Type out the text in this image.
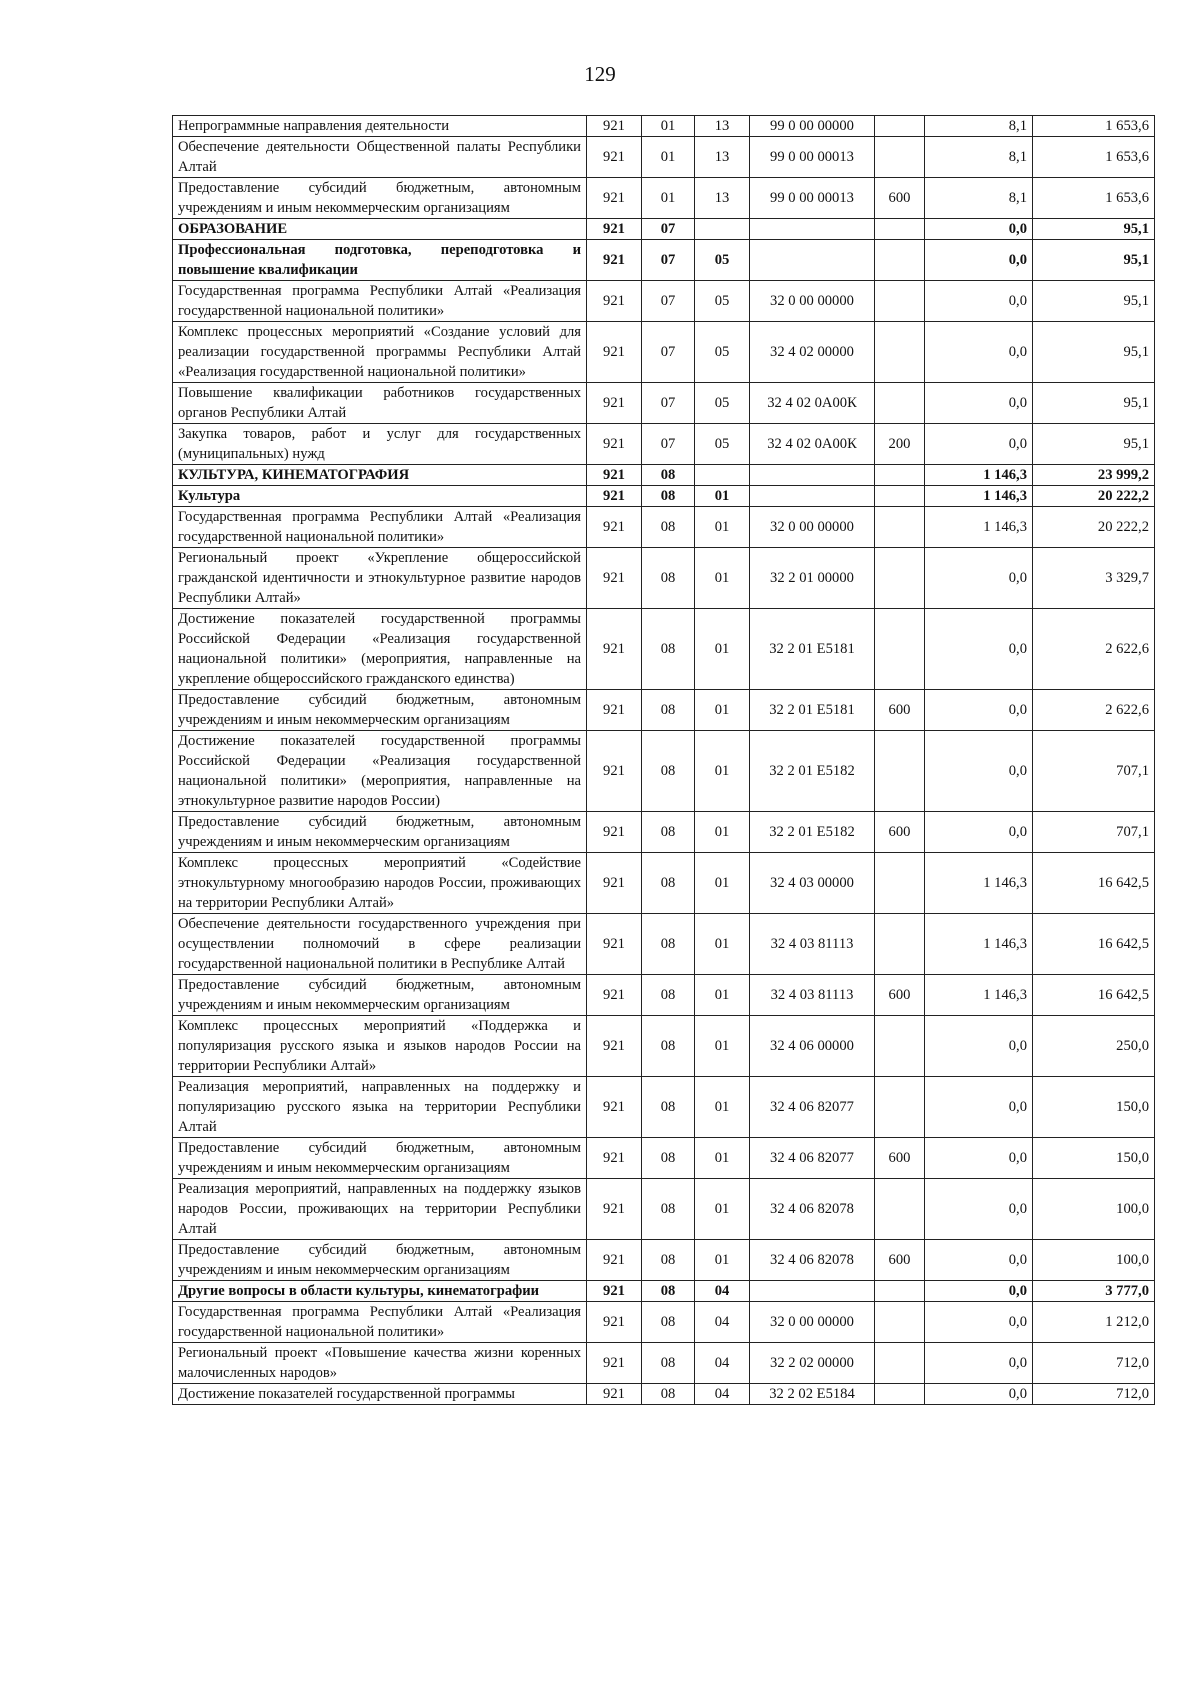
129
Непрограммные направления деятельности	921	01	13	99 0 00 00000		8,1	1 653,6
Обеспечение деятельности Общественной палаты Республики Алтай	921	01	13	99 0 00 00013		8,1	1 653,6
Предоставление субсидий бюджетным, автономным учреждениям и иным некоммерческим организациям	921	01	13	99 0 00 00013	600	8,1	1 653,6
ОБРАЗОВАНИЕ	921	07				0,0	95,1
Профессиональная подготовка, переподготовка и повышение квалификации	921	07	05			0,0	95,1
Государственная программа Республики Алтай «Реализация государственной национальной политики»	921	07	05	32 0 00 00000		0,0	95,1
Комплекс процессных мероприятий «Создание условий для реализации государственной программы Республики Алтай «Реализация государственной национальной политики»	921	07	05	32 4 02 00000		0,0	95,1
Повышение квалификации работников государственных органов Республики Алтай	921	07	05	32 4 02 0А00К		0,0	95,1
Закупка товаров, работ и услуг для государственных (муниципальных) нужд	921	07	05	32 4 02 0А00К	200	0,0	95,1
КУЛЬТУРА, КИНЕМАТОГРАФИЯ	921	08				1 146,3	23 999,2
Культура	921	08	01			1 146,3	20 222,2
Государственная программа Республики Алтай «Реализация государственной национальной политики»	921	08	01	32 0 00 00000		1 146,3	20 222,2
Региональный проект «Укрепление общероссийской гражданской идентичности и этнокультурное развитие народов Республики Алтай»	921	08	01	32 2 01 00000		0,0	3 329,7
Достижение показателей государственной программы Российской Федерации «Реализация государственной национальной политики» (мероприятия, направленные на укрепление общероссийского гражданского единства)	921	08	01	32 2 01 Е5181		0,0	2 622,6
Предоставление субсидий бюджетным, автономным учреждениям и иным некоммерческим организациям	921	08	01	32 2 01 Е5181	600	0,0	2 622,6
Достижение показателей государственной программы Российской Федерации «Реализация государственной национальной политики» (мероприятия, направленные на этнокультурное развитие народов России)	921	08	01	32 2 01 Е5182		0,0	707,1
Предоставление субсидий бюджетным, автономным учреждениям и иным некоммерческим организациям	921	08	01	32 2 01 Е5182	600	0,0	707,1
Комплекс процессных мероприятий «Содействие этнокультурному многообразию народов России, проживающих на территории Республики Алтай»	921	08	01	32 4 03 00000		1 146,3	16 642,5
Обеспечение деятельности государственного учреждения при осуществлении полномочий в сфере реализации государственной национальной политики в Республике Алтай	921	08	01	32 4 03 81113		1 146,3	16 642,5
Предоставление субсидий бюджетным, автономным учреждениям и иным некоммерческим организациям	921	08	01	32 4 03 81113	600	1 146,3	16 642,5
Комплекс процессных мероприятий «Поддержка и популяризация русского языка и языков народов России на территории Республики Алтай»	921	08	01	32 4 06 00000		0,0	250,0
Реализация мероприятий, направленных на поддержку и популяризацию русского языка на территории Республики Алтай	921	08	01	32 4 06 82077		0,0	150,0
Предоставление субсидий бюджетным, автономным учреждениям и иным некоммерческим организациям	921	08	01	32 4 06 82077	600	0,0	150,0
Реализация мероприятий, направленных на поддержку языков народов России, проживающих на территории Республики Алтай	921	08	01	32 4 06 82078		0,0	100,0
Предоставление субсидий бюджетным, автономным учреждениям и иным некоммерческим организациям	921	08	01	32 4 06 82078	600	0,0	100,0
Другие вопросы в области культуры, кинематографии	921	08	04			0,0	3 777,0
Государственная программа Республики Алтай «Реализация государственной национальной политики»	921	08	04	32 0 00 00000		0,0	1 212,0
Региональный проект «Повышение качества жизни коренных малочисленных народов»	921	08	04	32 2 02 00000		0,0	712,0
Достижение показателей государственной программы	921	08	04	32 2 02 Е5184		0,0	712,0
